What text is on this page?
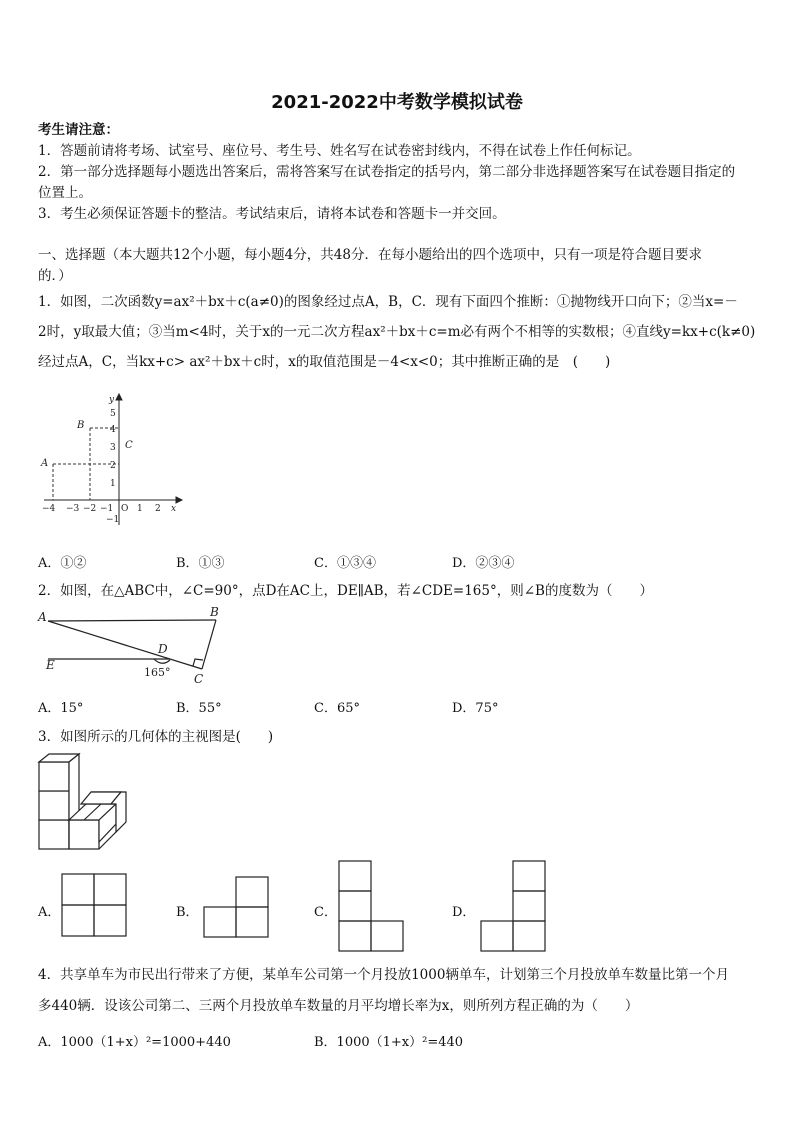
2021-2022中考数学模拟试卷
考生请注意：
1．答题前请将考场、试室号、座位号、考生号、姓名写在试卷密封线内，不得在试卷上作任何标记。
2．第一部分选择题每小题选出答案后，需将答案写在试卷指定的括号内，第二部分非选择题答案写在试卷题目指定的
位置上。
3．考生必须保证答题卡的整洁。考试结束后，请将本试卷和答题卡一并交回。
一、选择题（本大题共12个小题，每小题4分，共48分．在每小题给出的四个选项中，只有一项是符合题目要求
的．）
1．如图，二次函数y=ax²＋bx＋c(a≠0)的图象经过点A，B，C．现有下面四个推断：①抛物线开口向下；②当x=－
2时，y取最大值；③当m<4时，关于x的一元二次方程ax²＋bx＋c=m必有两个不相等的实数根；④直线y=kx+c(k≠0)
经过点A，C，当kx+c> ax²＋bx＋c时，x的取值范围是－4<x<0；其中推断正确的是　(　　)
−4 −3 −2 −1 O 1 2 x
y
5
4
3
2
1
−1
A
B
C
A．①②	B．①③	C．①③④	D．②③④
2．如图，在△ABC中，∠C=90°，点D在AC上，DE∥AB，若∠CDE=165°，则∠B的度数为（　　）
A	B
C
D
E
165°
A．15°	B．55°	C．65°	D．75°
3．如图所示的几何体的主视图是(　　)
A．	B．	C．	D．
4．共享单车为市民出行带来了方便，某单车公司第一个月投放1000辆单车，计划第三个月投放单车数量比第一个月
多440辆．设该公司第二、三两个月投放单车数量的月平均增长率为x，则所列方程正确的为（　　）
A．1000（1+x）²=1000+440	B．1000（1+x）²=440
